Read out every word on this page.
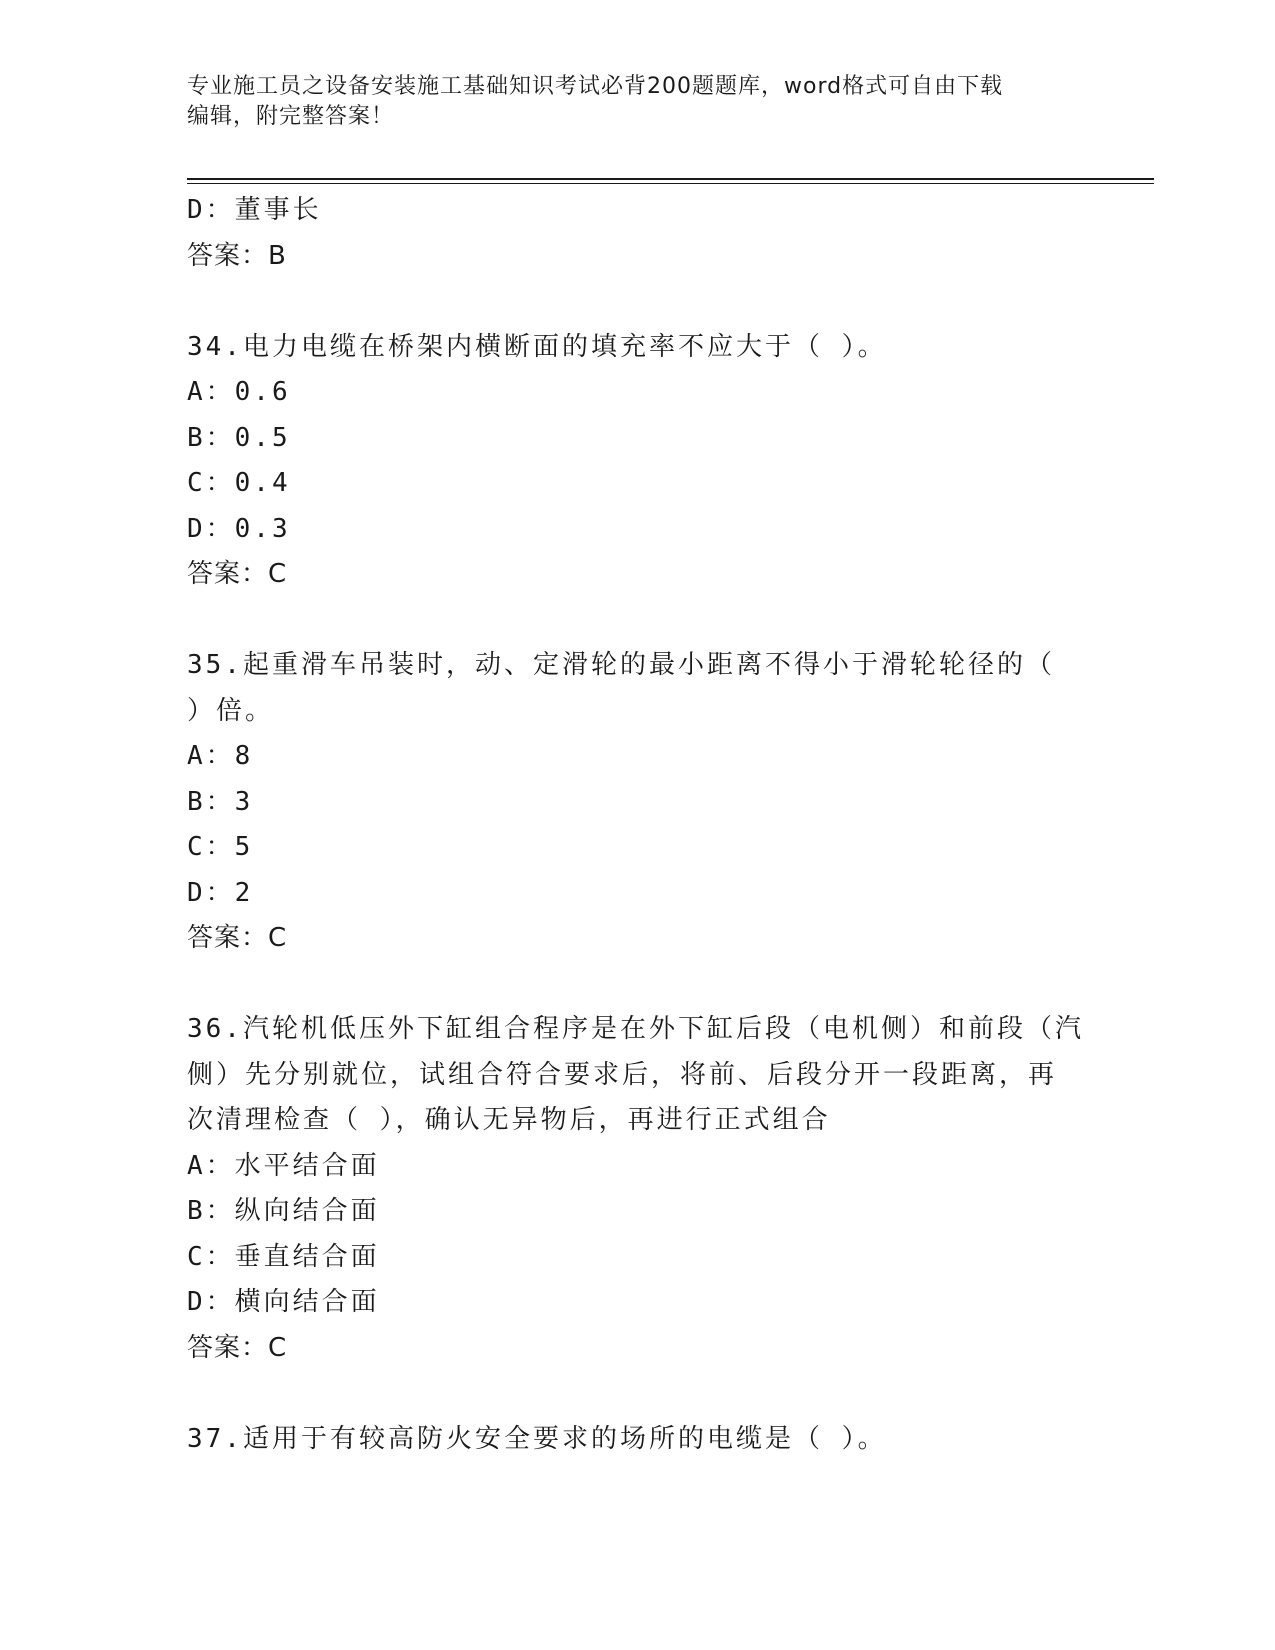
专业施工员之设备安装施工基础知识考试必背200题题库，word格式可自由下载
编辑，附完整答案！
D：董事长
答案：B
34.电力电缆在桥架内横断面的填充率不应大于（ ）。
A：0.6
B：0.5
C：0.4
D：0.3
答案：C
35.起重滑车吊装时，动、定滑轮的最小距离不得小于滑轮轮径的（
）倍。
A：8
B：3
C：5
D：2
答案：C
36.汽轮机低压外下缸组合程序是在外下缸后段（电机侧）和前段（汽
侧）先分别就位，试组合符合要求后，将前、后段分开一段距离，再
次清理检查（ ），确认无异物后，再进行正式组合
A：水平结合面
B：纵向结合面
C：垂直结合面
D：横向结合面
答案：C
37.适用于有较高防火安全要求的场所的电缆是（ ）。
